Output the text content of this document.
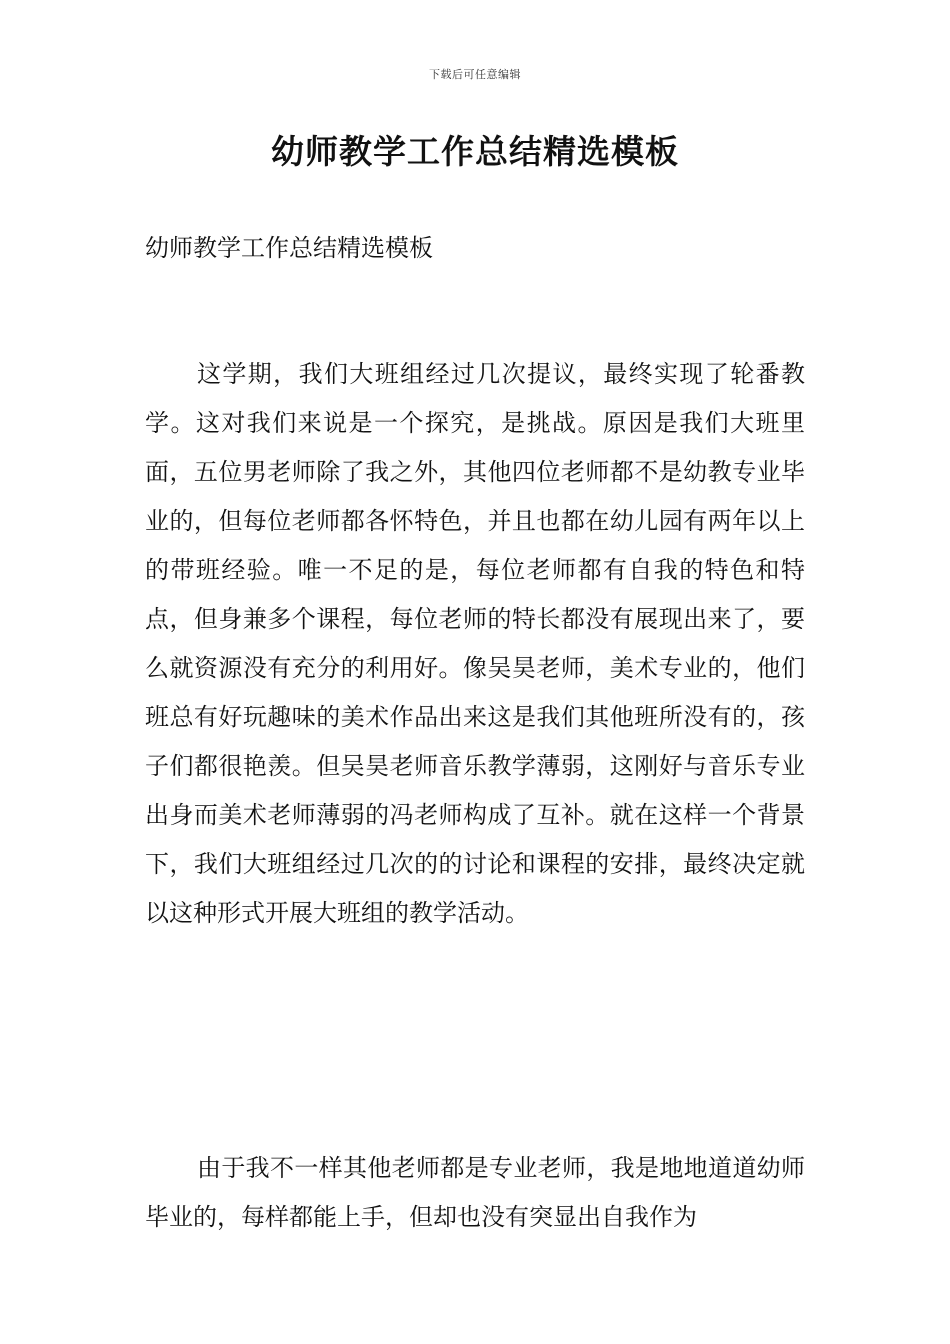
下载后可任意编辑
幼师教学工作总结精选模板
幼师教学工作总结精选模板

这学期，我们大班组经过几次提议，最终实现了轮番教学。这对我们来说是一个探究，是挑战。原因是我们大班里面，五位男老师除了我之外，其他四位老师都不是幼教专业毕业的，但每位老师都各怀特色，并且也都在幼儿园有两年以上的带班经验。唯一不足的是，每位老师都有自我的特色和特点，但身兼多个课程，每位老师的特长都没有展现出来了，要么就资源没有充分的利用好。像吴昊老师，美术专业的，他们班总有好玩趣味的美术作品出来这是我们其他班所没有的，孩子们都很艳羡。但吴昊老师音乐教学薄弱，这刚好与音乐专业出身而美术老师薄弱的冯老师构成了互补。就在这样一个背景下，我们大班组经过几次的的讨论和课程的安排，最终决定就以这种形式开展大班组的教学活动。

由于我不一样其他老师都是专业老师，我是地地道道幼师毕业的，每样都能上手，但却也没有突显出自我作为
